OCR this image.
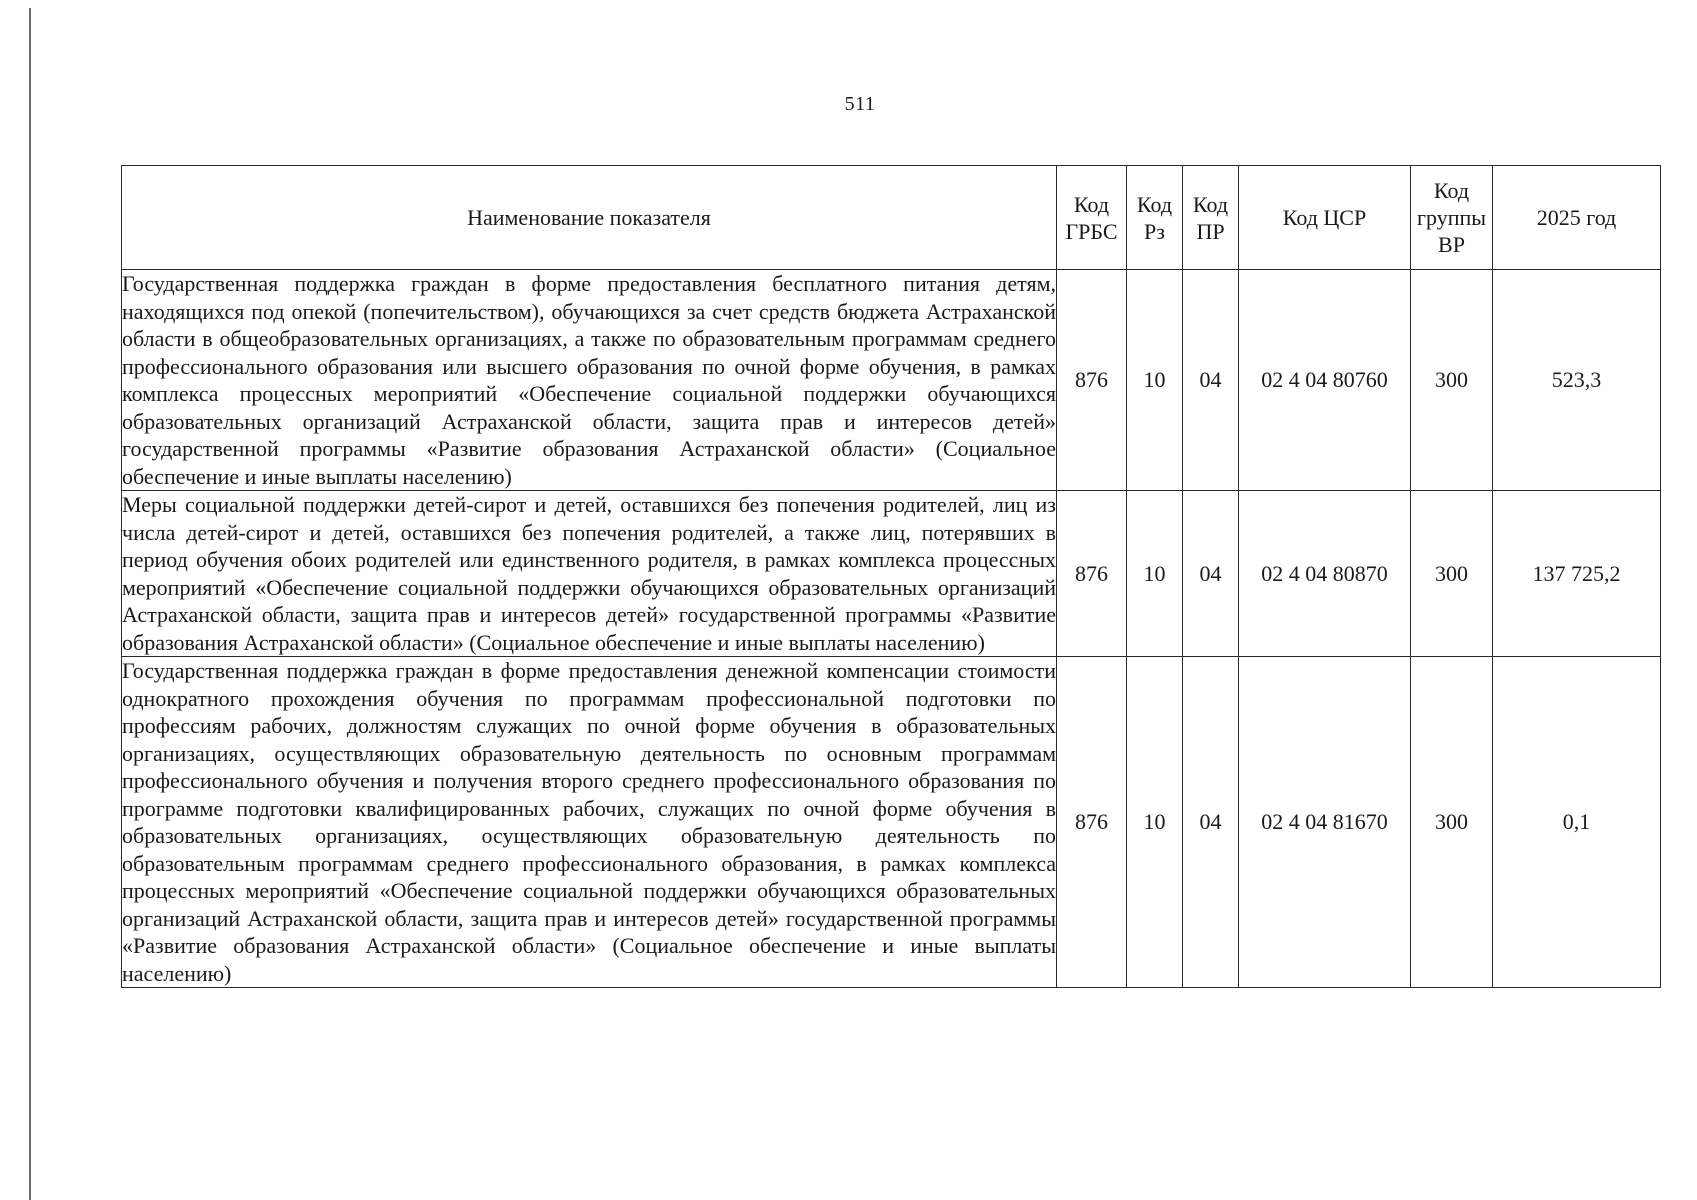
511
Наименование показателя	Код ГРБС	Код Рз	Код ПР	Код ЦСР	Код группы ВР	2025 год
Государственная поддержка граждан в форме предоставления бесплатного питания детям, находящихся под опекой (попечительством), обучающихся за счет средств бюджета Астраханской области в общеобразовательных организациях, а также по образовательным программам среднего профессионального образования или высшего образования по очной форме обучения, в рамках комплекса процессных мероприятий «Обеспечение социальной поддержки обучающихся образовательных организаций Астраханской области, защита прав и интересов детей» государственной программы «Развитие образования Астраханской области» (Социальное обеспечение и иные выплаты населению)	876	10	04	02 4 04 80760	300	523,3
Меры социальной поддержки детей-сирот и детей, оставшихся без попечения родителей, лиц из числа детей-сирот и детей, оставшихся без попечения родителей, а также лиц, потерявших в период обучения обоих родителей или единственного родителя, в рамках комплекса процессных мероприятий «Обеспечение социальной поддержки обучающихся образовательных организаций Астраханской области, защита прав и интересов детей» государственной программы «Развитие образования Астраханской области» (Социальное обеспечение и иные выплаты населению)	876	10	04	02 4 04 80870	300	137 725,2
Государственная поддержка граждан в форме предоставления денежной компенсации стоимости однократного прохождения обучения по программам профессиональной подготовки по профессиям рабочих, должностям служащих по очной форме обучения в образовательных организациях, осуществляющих образовательную деятельность по основным программам профессионального обучения и получения второго среднего профессионального образования по программе подготовки квалифицированных рабочих, служащих по очной форме обучения в образовательных организациях, осуществляющих образовательную деятельность по образовательным программам среднего профессионального образования, в рамках комплекса процессных мероприятий «Обеспечение социальной поддержки обучающихся образовательных организаций Астраханской области, защита прав и интересов детей» государственной программы «Развитие образования Астраханской области» (Социальное обеспечение и иные выплаты населению)	876	10	04	02 4 04 81670	300	0,1
